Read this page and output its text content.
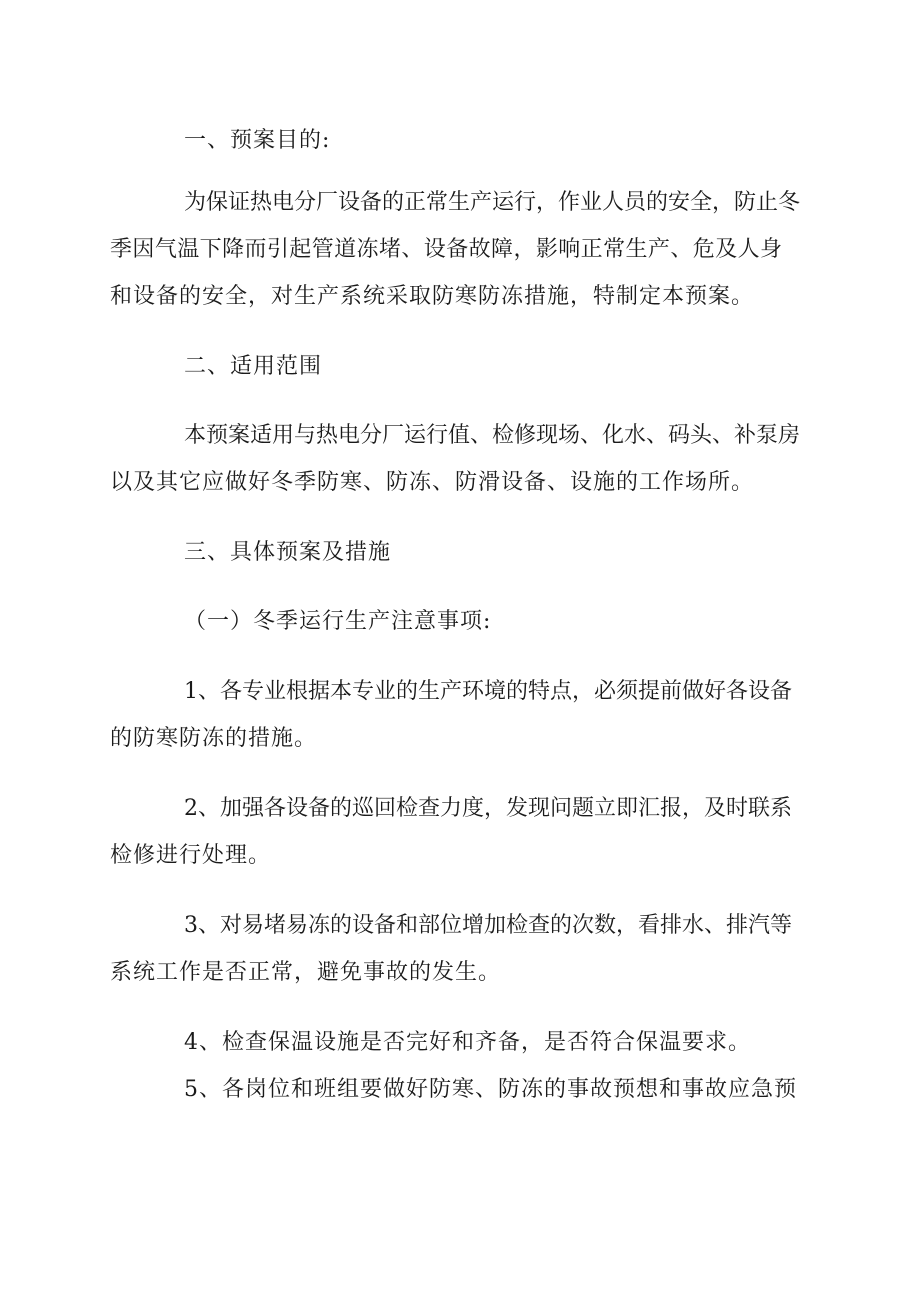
一、预案目的:
为保证热电分厂设备的正常生产运行，作业人员的安全，防止冬
季因气温下降而引起管道冻堵、设备故障，影响正常生产、危及人身
和设备的安全，对生产系统采取防寒防冻措施，特制定本预案。
二、适用范围
本预案适用与热电分厂运行值、检修现场、化水、码头、补泵房
以及其它应做好冬季防寒、防冻、防滑设备、设施的工作场所。
三、具体预案及措施
（一）冬季运行生产注意事项:
1、各专业根据本专业的生产环境的特点，必须提前做好各设备
的防寒防冻的措施。
2、加强各设备的巡回检查力度，发现问题立即汇报，及时联系
检修进行处理。
3、对易堵易冻的设备和部位增加检查的次数，看排水、排汽等
系统工作是否正常，避免事故的发生。
4、检查保温设施是否完好和齐备，是否符合保温要求。
5、各岗位和班组要做好防寒、防冻的事故预想和事故应急预
